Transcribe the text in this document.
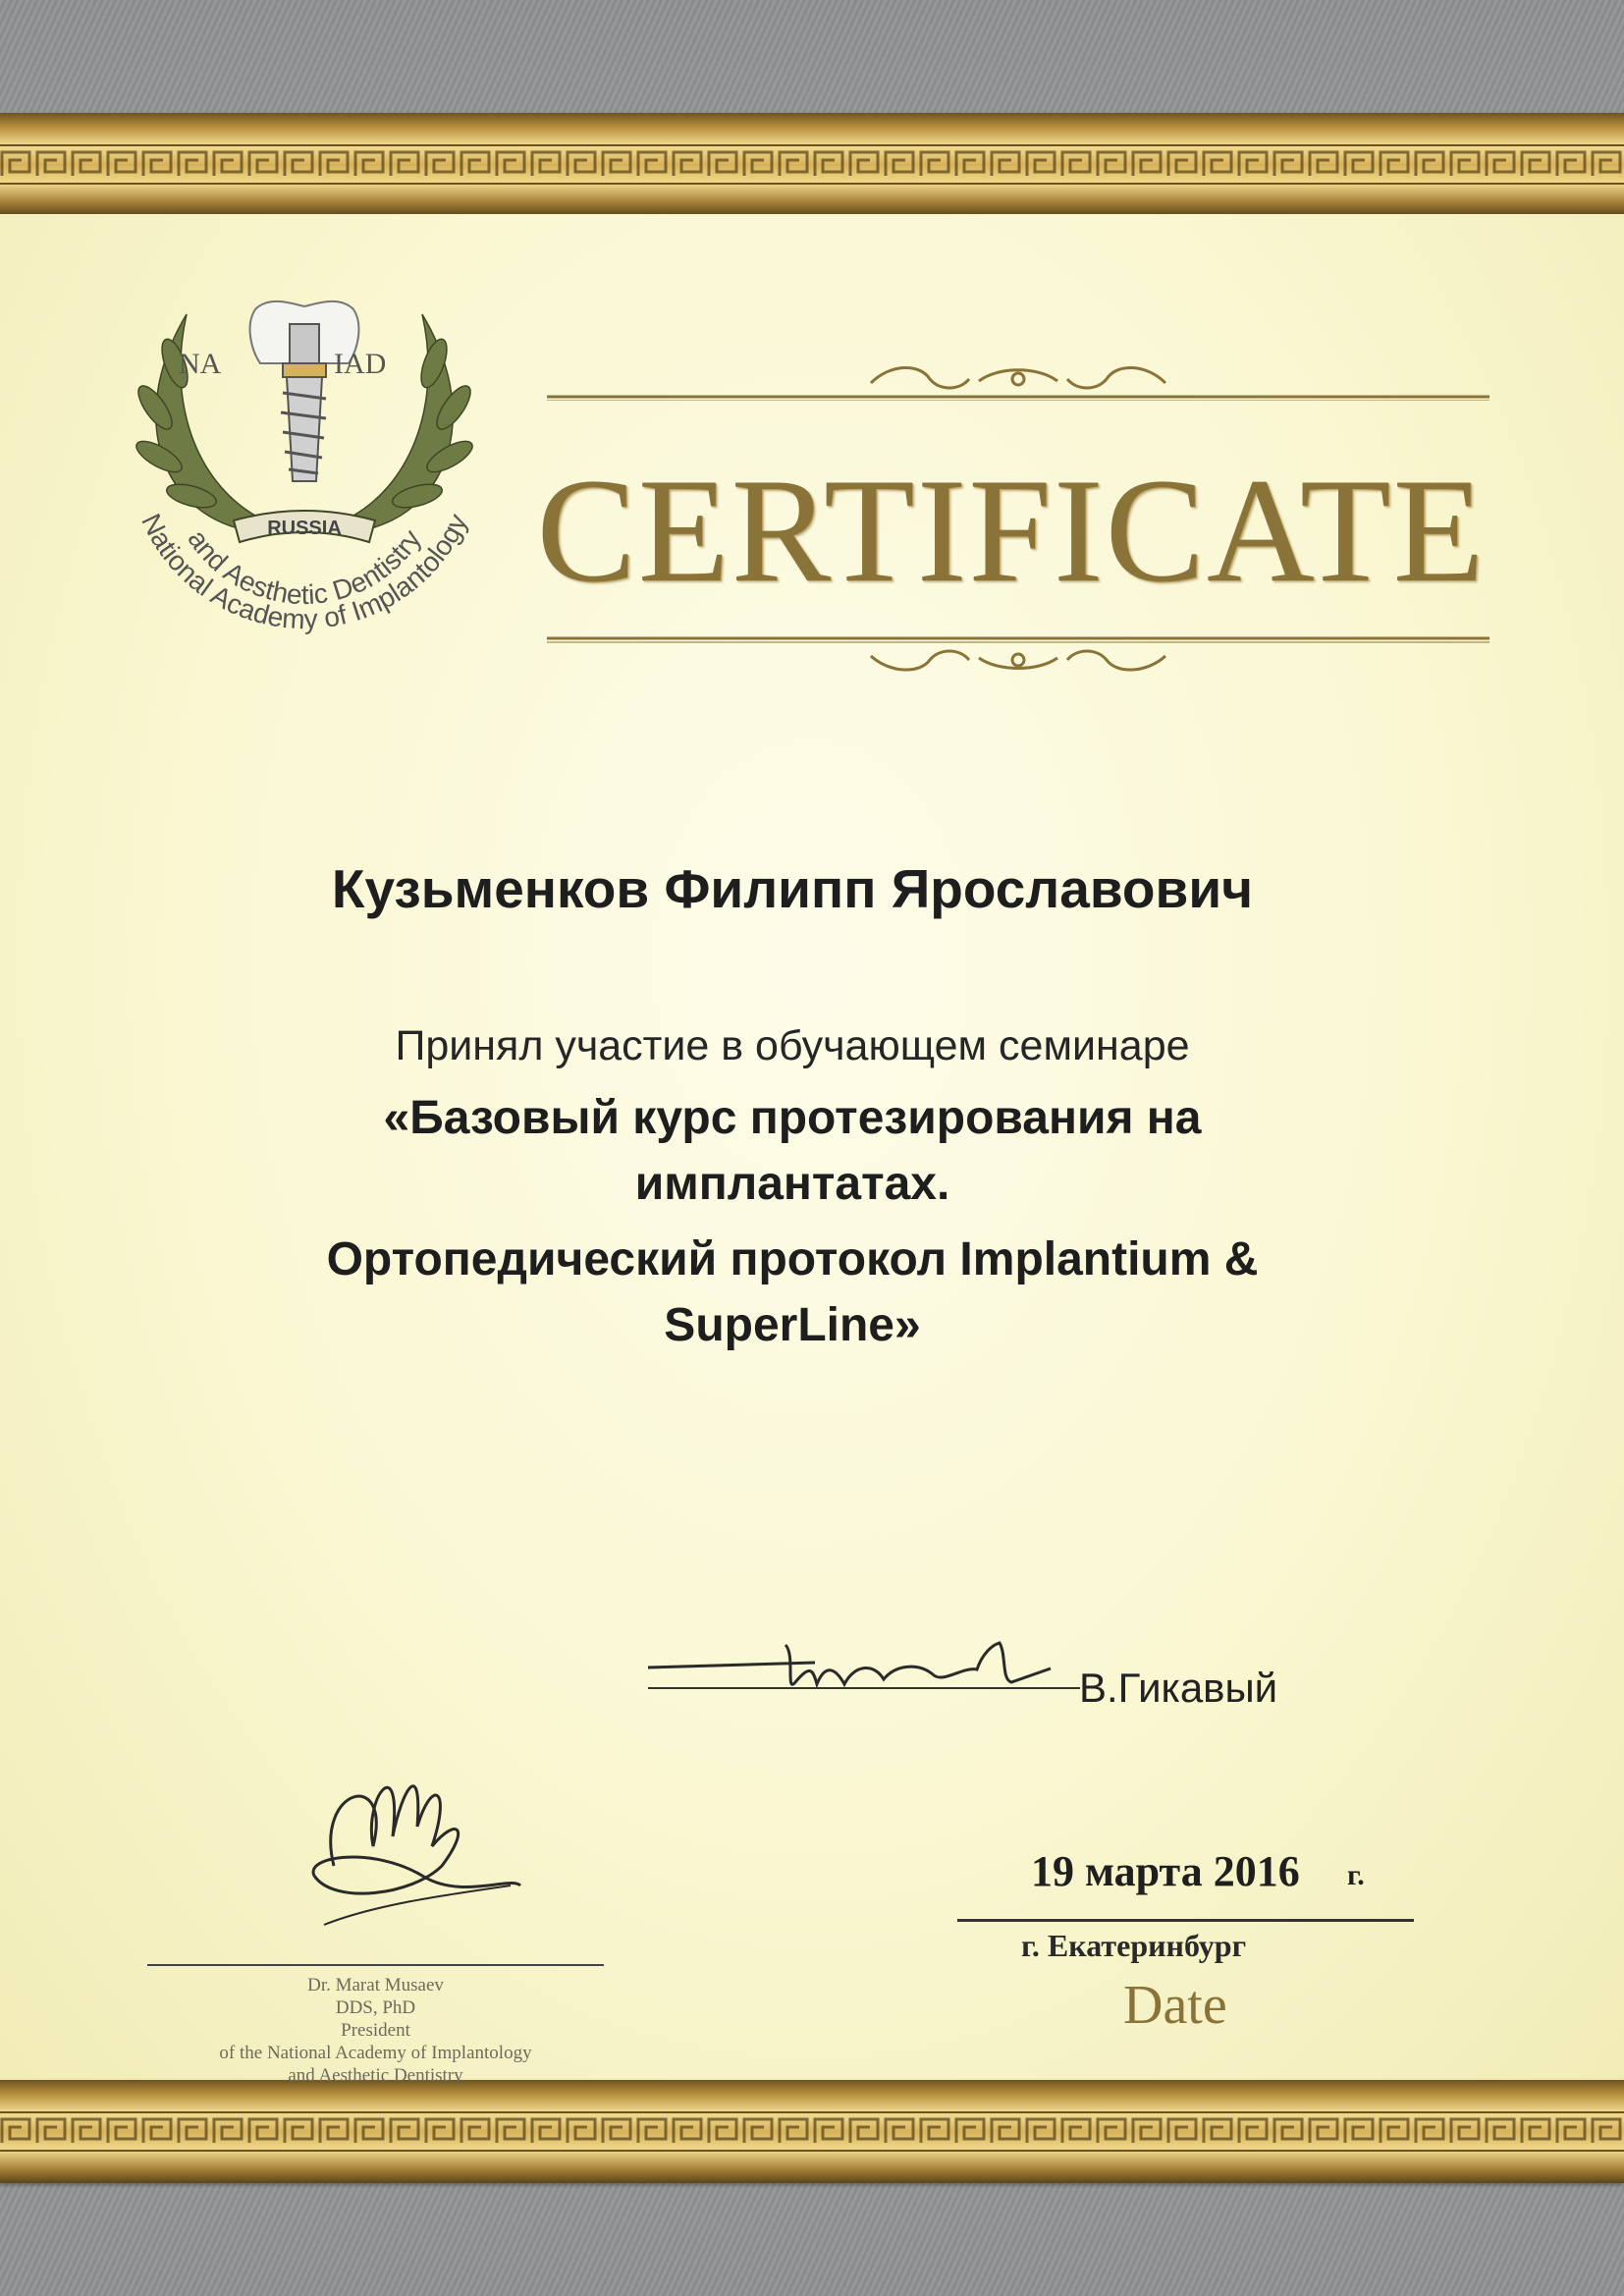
NA	IAD
RUSSIA
National Academy of Implantology
and Aesthetic Dentistry CERTIFICATE
Кузьменков Филипп Ярославович
Принял участие в обучающем семинаре
«Базовый курс протезирования на
имплантатах.
Ортопедический протокол Implantium &
SuperLine»
В.Гикавый
Dr. Marat Musaev
DDS, PhD
President
of the National Academy of Implantology
and Aesthetic Dentistry
19 марта 2016 г.
г. Екатеринбург
Date
